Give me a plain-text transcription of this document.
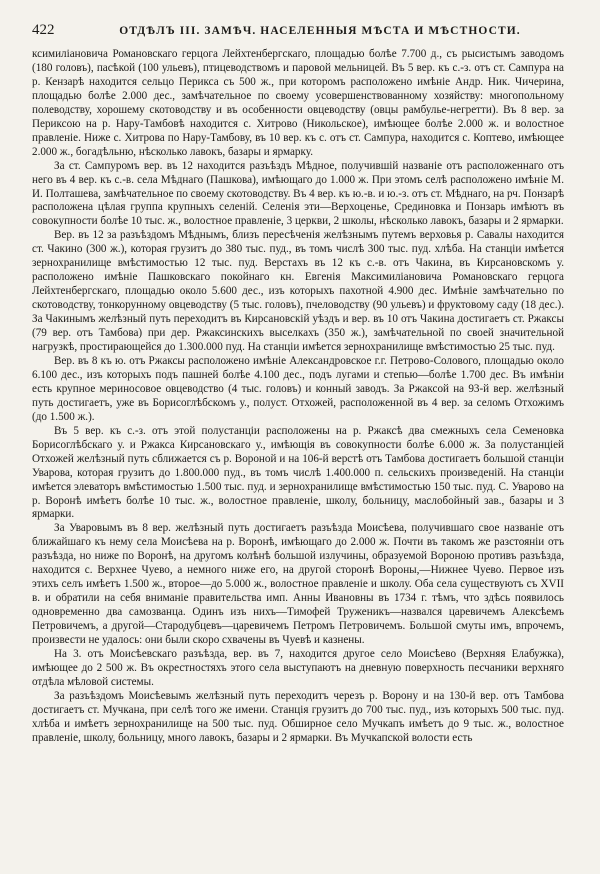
422	ОТДѢЛЪ III. ЗАМѢЧ. НАСЕЛЕННЫЯ МѢСТА И МѢСТНОСТИ.

ксимиліановича Романовскаго герцога Лейхтенбергскаго, площадью болѣе 7.700 д., съ рысистымъ заводомъ (180 головъ), пасѣкой (100 ульевъ), птицеводствомъ и паровой мельницей. Въ 5 вер. къ с.-з. отъ ст. Сампура на р. Кензарѣ находится сельцо Перикса съ 500 ж., при которомъ расположено имѣніе Андр. Ник. Чичерина, площадью болѣе 2.000 дес., замѣчательное по своему усовершенствованному хозяйству: многопольному полеводству, хорошему скотоводству и въ особенности овцеводству (овцы рамбулье-негретти). Въ 8 вер. за Периксою на р. Нару-Тамбовѣ находится с. Хитрово (Никольское), имѣющее болѣе 2.000 ж. и волостное правленіе. Ниже с. Хитрова по Нару-Тамбову, въ 10 вер. къ с. отъ ст. Сампура, находится с. Коптево, имѣющее 2.000 ж., богадѣльню, нѣсколько лавокъ, базары и ярмарку.

За ст. Сампуромъ вер. въ 12 находится разъѣздъ Мѣдное, получившій названіе отъ расположеннаго отъ него въ 4 вер. къ с.-в. села Мѣднаго (Пашкова), имѣющаго до 1.000 ж. При этомъ селѣ расположено имѣніе М. И. Полташева, замѣчательное по своему скотоводству. Въ 4 вер. къ ю.-в. и ю.-з. отъ ст. Мѣднаго, на рч. Понзарѣ расположена цѣлая группа крупныхъ селеній. Селенія эти—Верхоценье, Срединовка и Понзарь имѣютъ въ совокупности болѣе 10 тыс. ж., волостное правленіе, 3 церкви, 2 школы, нѣсколько лавокъ, базары и 2 ярмарки.

Вер. въ 12 за разъѣздомъ Мѣднымъ, близъ пересѣченія желѣзнымъ путемъ верховья р. Савалы находится ст. Чакино (300 ж.), которая грузитъ до 380 тыс. пуд., въ томъ числѣ 300 тыс. пуд. хлѣба. На станціи имѣется зернохранилище вмѣстимостью 12 тыс. пуд. Верстахъ въ 12 къ с.-в. отъ Чакина, въ Кирсановскомъ у. расположено имѣніе Пашковскаго покойнаго кн. Евгенія Максимиліановича Романовскаго герцога Лейхтенбергскаго, площадью около 5.600 дес., изъ которыхъ пахотной 4.900 дес. Имѣніе замѣчательно по скотоводству, тонкорунному овцеводству (5 тыс. головъ), пчеловодству (90 ульевъ) и фруктовому саду (18 дес.). За Чакинымъ желѣзный путь переходитъ въ Кирсановскій уѣздъ и вер. въ 10 отъ Чакина достигаетъ ст. Ржаксы (79 вер. отъ Тамбова) при дер. Ржаксинскихъ выселкахъ (350 ж.), замѣчательной по своей значительной нагрузкѣ, простирающейся до 1.300.000 пуд. На станціи имѣется зернохранилище вмѣстимостью 25 тыс. пуд.

Вер. въ 8 къ ю. отъ Ржаксы расположено имѣніе Александровское г.г. Петрово-Солового, площадью около 6.100 дес., изъ которыхъ подъ пашней болѣе 4.100 дес., подъ лугами и степью—болѣе 1.700 дес. Въ имѣніи есть крупное мериносовое овцеводство (4 тыс. головъ) и конный заводъ. За Ржаксой на 93-й вер. желѣзный путь достигаетъ, уже въ Борисоглѣбскомъ у., полуст. Отхожей, расположенной въ 4 вер. за селомъ Отхожимъ (до 1.500 ж.).

Въ 5 вер. къ с.-з. отъ этой полустанціи расположены на р. Ржаксѣ два смежныхъ села Семеновка Борисоглѣбскаго у. и Ржакса Кирсановскаго у., имѣющія въ совокупности болѣе 6.000 ж. За полустанціей Отхожей желѣзный путь сближается съ р. Вороной и на 106-й верстѣ отъ Тамбова достигаетъ большой станціи Уварова, которая грузитъ до 1.800.000 пуд., въ томъ числѣ 1.400.000 п. сельскихъ произведеній. На станціи имѣется элеваторъ вмѣстимостью 1.500 тыс. пуд. и зернохранилище вмѣстимостью 150 тыс. пуд. С. Уварово на р. Воронѣ имѣетъ болѣе 10 тыс. ж., волостное правленіе, школу, больницу, маслобойный зав., базары и 3 ярмарки.

За Уваровымъ въ 8 вер. желѣзный путь достигаетъ разъѣзда Моисѣева, получившаго свое названіе отъ ближайшаго къ нему села Моисѣева на р. Воронѣ, имѣющаго до 2.000 ж. Почти въ такомъ же разстояніи отъ разъѣзда, но ниже по Воронѣ, на другомъ колѣнѣ большой излучины, образуемой Вороною противъ разъѣзда, находится с. Верхнее Чуево, а немного ниже его, на другой сторонѣ Вороны,—Нижнее Чуево. Первое изъ этихъ селъ имѣетъ 1.500 ж., второе—до 5.000 ж., волостное правленіе и школу. Оба села существуютъ съ XVII в. и обратили на себя вниманіе правительства имп. Анны Ивановны въ 1734 г. тѣмъ, что здѣсь появилось одновременно два самозванца. Одинъ изъ нихъ—Тимофей Труженикъ—назвался царевичемъ Алексѣемъ Петровичемъ, а другой—Стародубцевъ—царевичемъ Петромъ Петровичемъ. Большой смуты имъ, впрочемъ, произвести не удалось: они были скоро схвачены въ Чуевѣ и казнены.

На 3. отъ Моисѣевскаго разъѣзда, вер. въ 7, находится другое село Моисѣево (Верхняя Елабужка), имѣющее до 2 500 ж. Въ окрестностяхъ этого села выступаютъ на дневную поверхность песчаники верхняго отдѣла мѣловой системы.

За разъѣздомъ Моисѣевымъ желѣзный путь переходитъ черезъ р. Ворону и на 130-й вер. отъ Тамбова достигаетъ ст. Мучкана, при селѣ того же имени. Станція грузитъ до 700 тыс. пуд., изъ которыхъ 500 тыс. пуд. хлѣба и имѣетъ зернохранилище на 500 тыс. пуд. Обширное село Мучкапъ имѣетъ до 9 тыс. ж., волостное правленіе, школу, больницу, много лавокъ, базары и 2 ярмарки. Въ Мучкапской волости есть
